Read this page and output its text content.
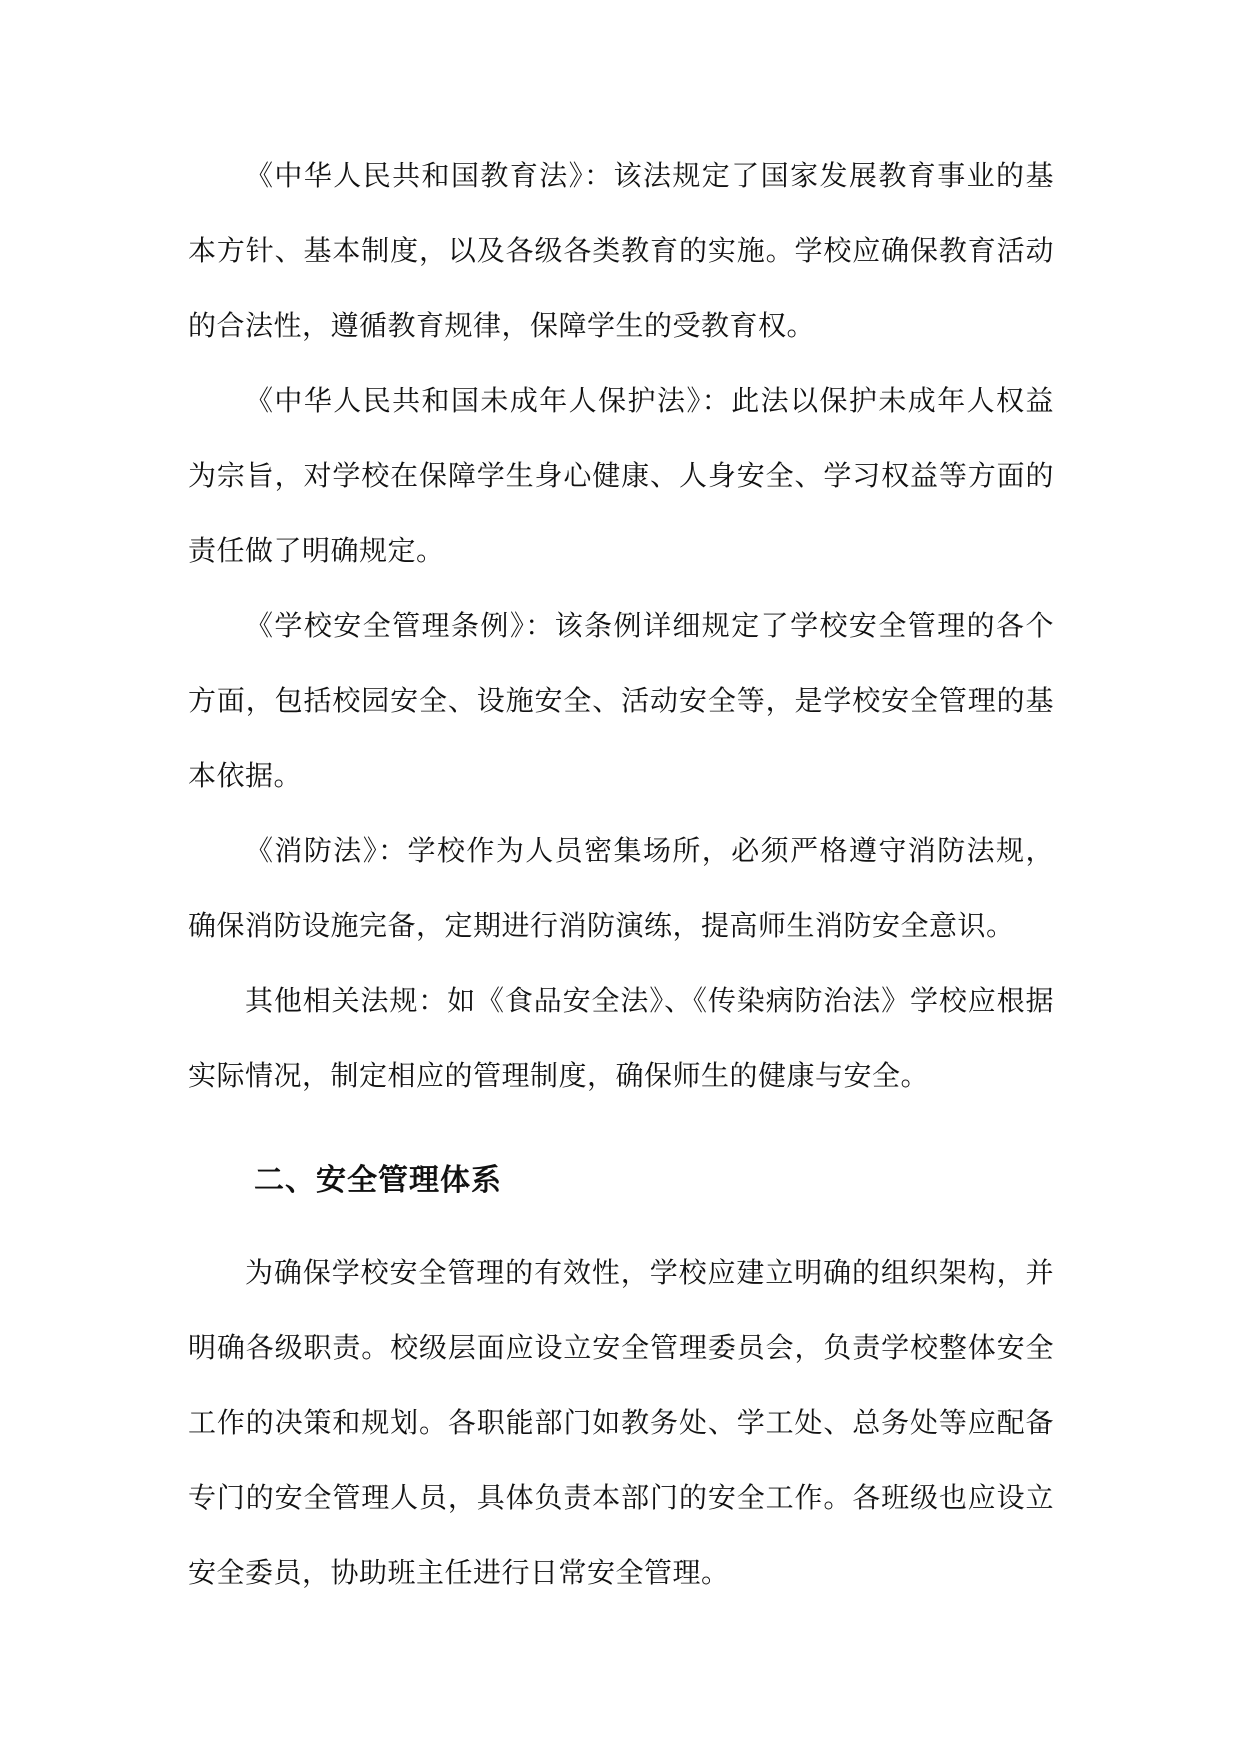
《中华人民共和国教育法》：该法规定了国家发展教育事业的基本方针、基本制度，以及各级各类教育的实施。学校应确保教育活动的合法性，遵循教育规律，保障学生的受教育权。

《中华人民共和国未成年人保护法》：此法以保护未成年人权益为宗旨，对学校在保障学生身心健康、人身安全、学习权益等方面的责任做了明确规定。

《学校安全管理条例》：该条例详细规定了学校安全管理的各个方面，包括校园安全、设施安全、活动安全等，是学校安全管理的基本依据。

《消防法》：学校作为人员密集场所，必须严格遵守消防法规，确保消防设施完备，定期进行消防演练，提高师生消防安全意识。

其他相关法规：如《食品安全法》、《传染病防治法》学校应根据实际情况，制定相应的管理制度，确保师生的健康与安全。

二、安全管理体系

为确保学校安全管理的有效性，学校应建立明确的组织架构，并明确各级职责。校级层面应设立安全管理委员会，负责学校整体安全工作的决策和规划。各职能部门如教务处、学工处、总务处等应配备专门的安全管理人员，具体负责本部门的安全工作。各班级也应设立安全委员，协助班主任进行日常安全管理。
